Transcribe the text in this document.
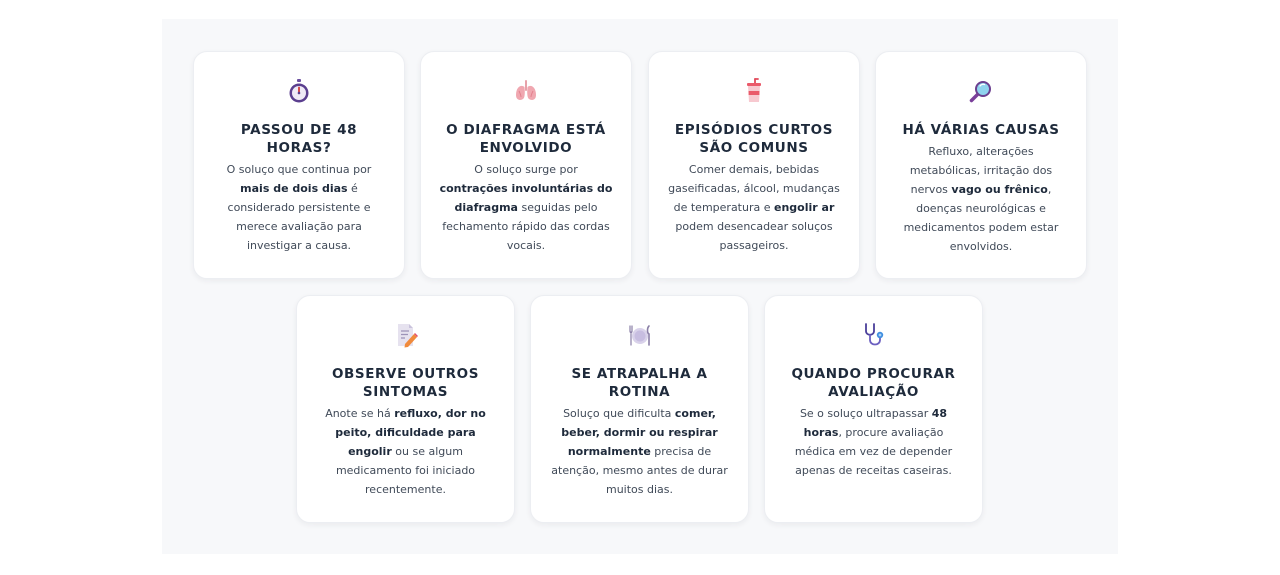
PASSOU DE 48 HORAS?

O soluço que continua por mais de dois dias é considerado persistente e merece avaliação para investigar a causa.

O DIAFRAGMA ESTÁ ENVOLVIDO

O soluço surge por contrações involuntárias do diafragma seguidas pelo fechamento rápido das cordas vocais.

EPISÓDIOS CURTOS SÃO COMUNS

Comer demais, bebidas gaseificadas, álcool, mudanças de temperatura e engolir ar podem desencadear soluços passageiros.

HÁ VÁRIAS CAUSAS

Refluxo, alterações metabólicas, irritação dos nervos vago ou frênico, doenças neurológicas e medicamentos podem estar envolvidos.

OBSERVE OUTROS SINTOMAS

Anote se há refluxo, dor no peito, dificuldade para engolir ou se algum medicamento foi iniciado recentemente.

SE ATRAPALHA A ROTINA

Soluço que dificulta comer, beber, dormir ou respirar normalmente precisa de atenção, mesmo antes de durar muitos dias.

QUANDO PROCURAR AVALIAÇÃO

Se o soluço ultrapassar 48 horas, procure avaliação médica em vez de depender apenas de receitas caseiras.
